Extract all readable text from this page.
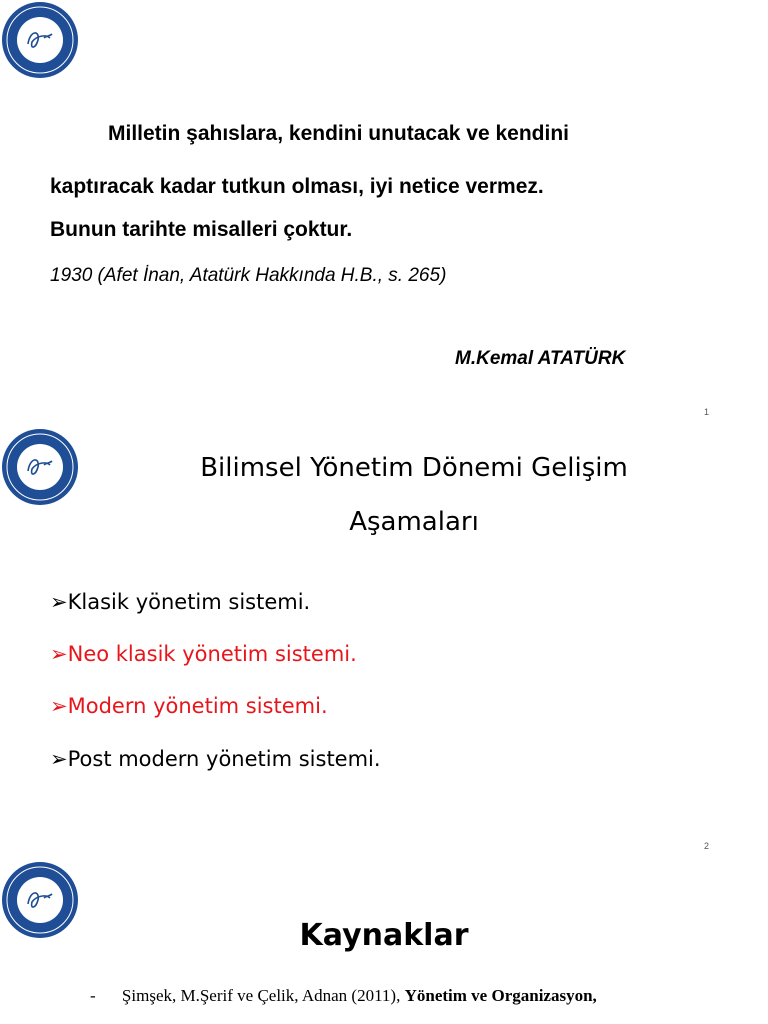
Milletin şahıslara, kendini unutacak ve kendini
kaptıracak kadar tutkun olması, iyi netice vermez.
Bunun tarihte misalleri çoktur.
1930 (Afet İnan, Atatürk Hakkında H.B., s. 265)
M.Kemal ATATÜRK
1
Bilimsel Yönetim Dönemi Gelişim
Aşamaları
➢Klasik yönetim sistemi.
➢Neo klasik yönetim sistemi.
➢Modern yönetim sistemi.
➢Post modern yönetim sistemi.
2
Kaynaklar
- Şimşek, M.Şerif ve Çelik, Adnan (2011), Yönetim ve Organizasyon,
